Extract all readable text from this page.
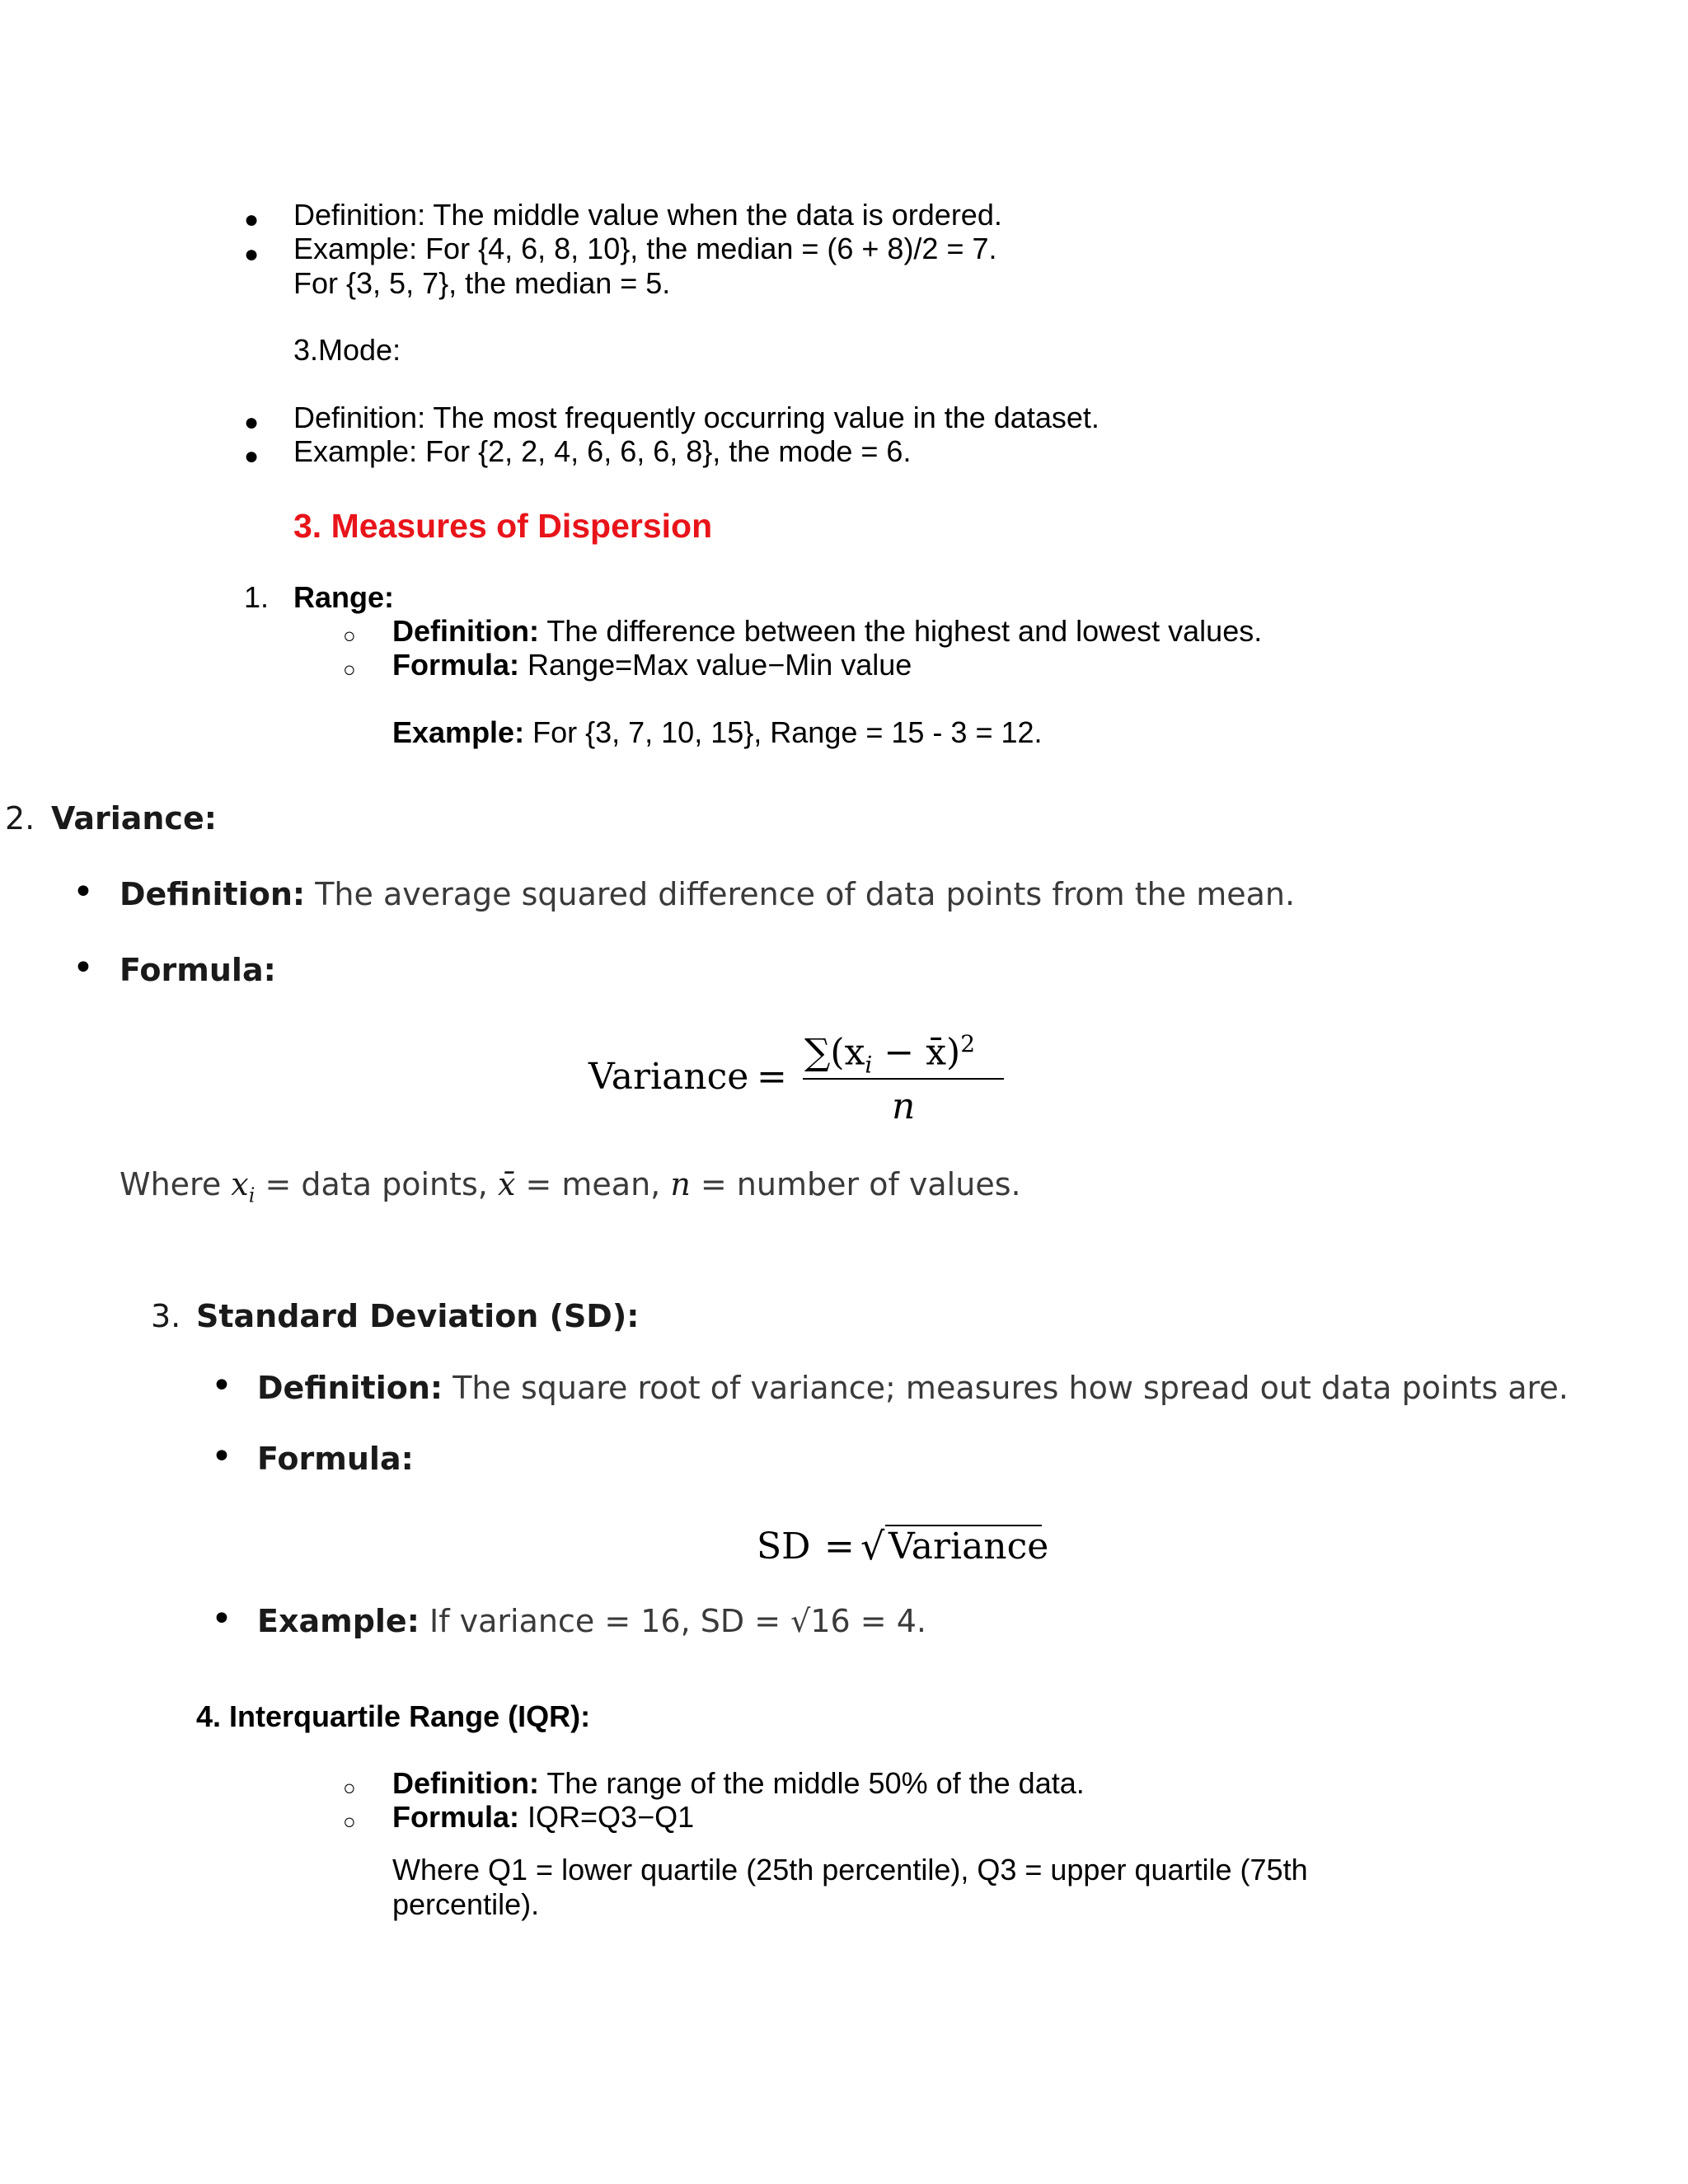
● Definition: The middle value when the data is ordered.
● Example: For {4, 6, 8, 10}, the median = (6 + 8)/2 = 7.
For {3, 5, 7}, the median = 5.
3.Mode:
● Definition: The most frequently occurring value in the dataset.
● Example: For {2, 2, 4, 6, 6, 6, 8}, the mode = 6.
3. Measures of Dispersion
1. Range:
○ Definition: The difference between the highest and lowest values.
○ Formula: Range=Max value−Min value
Example: For {3, 7, 10, 15}, Range = 15 - 3 = 12.
2. Variance:
• Definition: The average squared difference of data points from the mean.
• Formula:
Variance =
$\sum(x_i$ − x̄)$^2$
n
Where $x_i$ = data points, x̄ = mean, n = number of values.
3. Standard Deviation (SD):
• Definition: The square root of variance; measures how spread out data points are.
• Formula:
SD = √ Variance
• Example: If variance = 16, SD = √16 = 4.
4. Interquartile Range (IQR):
○ Definition: The range of the middle 50% of the data.
○ Formula: IQR=Q3−Q1
Where Q1 = lower quartile (25th percentile), Q3 = upper quartile (75th
percentile).
